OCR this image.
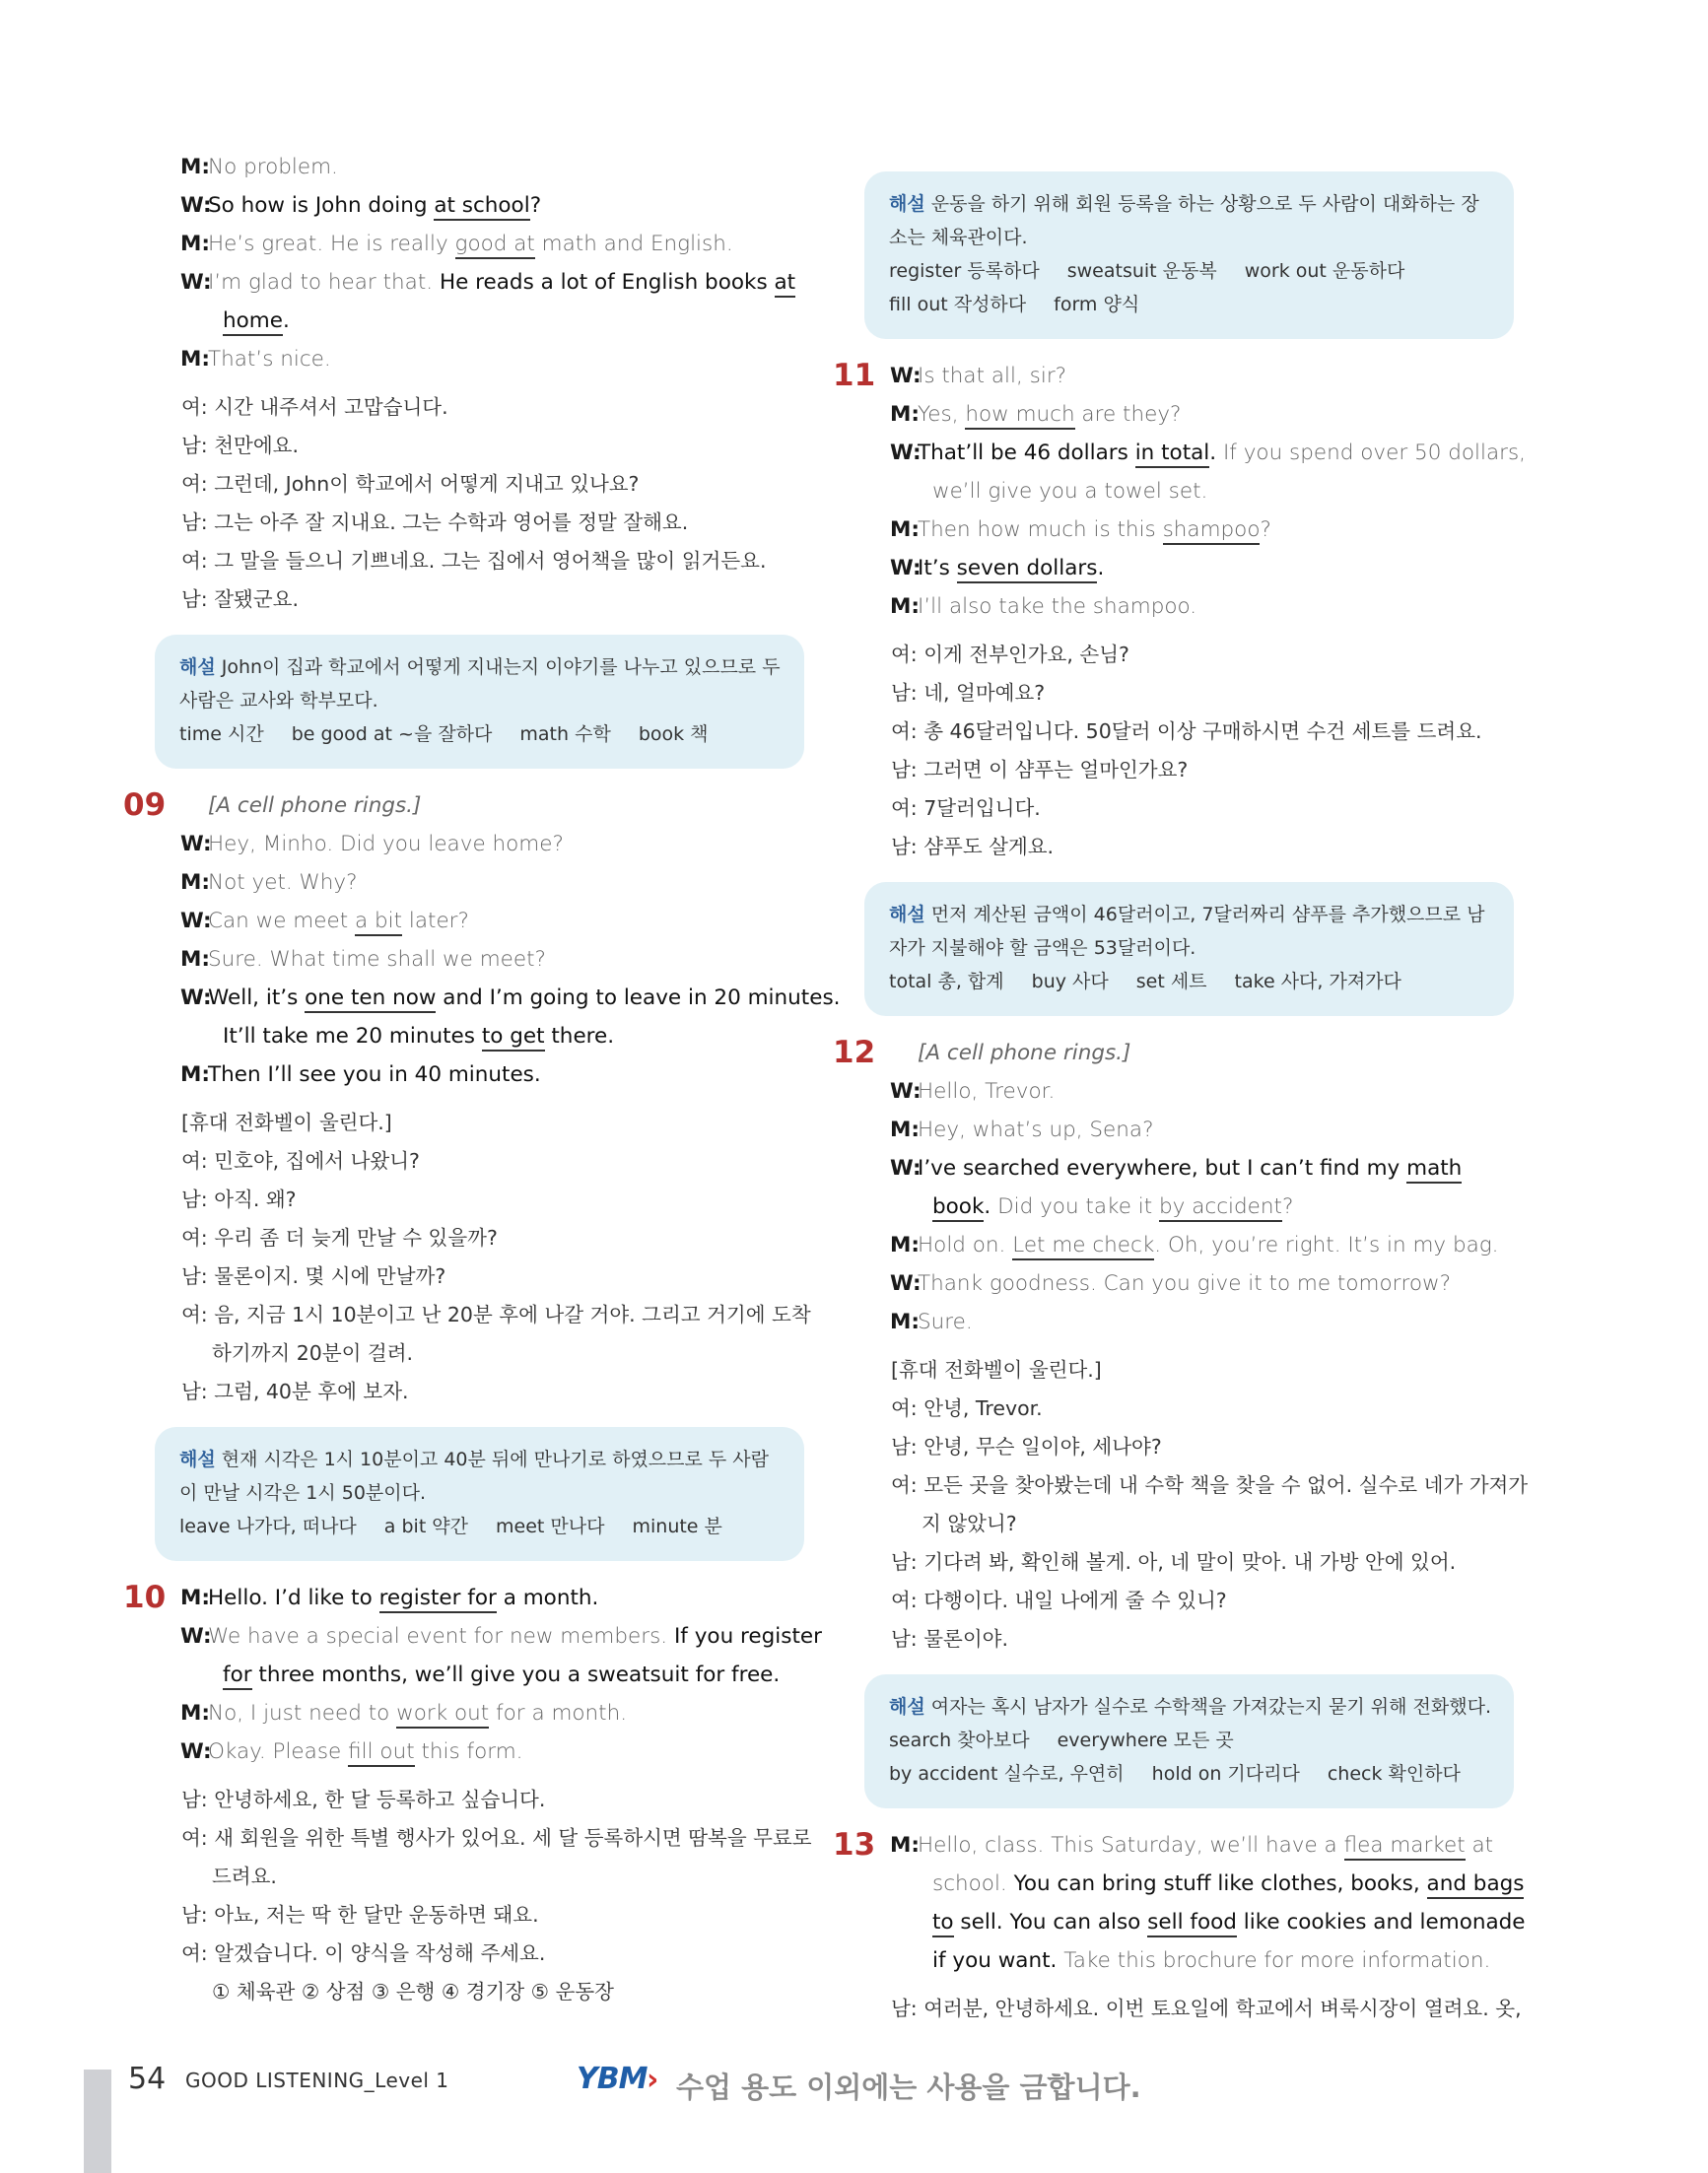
M:
No problem.
W:
So how is John doing at school?
M:
He’s great. He is really good at math and English.
W:
I’m glad to hear that. He reads a lot of English books at
home.
M:
That’s nice.
여: 시간 내주셔서 고맙습니다.
남: 천만에요.
여: 그런데, John이 학교에서 어떻게 지내고 있나요?
남: 그는 아주 잘 지내요. 그는 수학과 영어를 정말 잘해요.
여: 그 말을 들으니 기쁘네요. 그는 집에서 영어책을 많이 읽거든요.
남: 잘됐군요.
해설 John이 집과 학교에서 어떻게 지내는지 이야기를 나누고 있으므로 두 사람은 교사와 학부모다.
time 시간 be good at ~을 잘하다 math 수학 book 책
09 [A cell phone rings.]
W:
Hey, Minho. Did you leave home?
M:
Not yet. Why?
W:
Can we meet a bit later?
M:
Sure. What time shall we meet?
W:
Well, it’s one ten now and I’m going to leave in 20 minutes.
It’ll take me 20 minutes to get there.
M:
Then I’ll see you in 40 minutes.
[휴대 전화벨이 울린다.]
여: 민호야, 집에서 나왔니?
남: 아직. 왜?
여: 우리 좀 더 늦게 만날 수 있을까?
남: 물론이지. 몇 시에 만날까?
여: 음, 지금 1시 10분이고 난 20분 후에 나갈 거야. 그리고 거기에 도착
하기까지 20분이 걸려.
남: 그럼, 40분 후에 보자.
해설 현재 시각은 1시 10분이고 40분 뒤에 만나기로 하였으므로 두 사람이 만날 시각은 1시 50분이다.
leave 나가다, 떠나다 a bit 약간 meet 만나다 minute 분
10 M:
Hello. I’d like to register for a month.
W:
We have a special event for new members. If you register
for three months, we’ll give you a sweatsuit for free.
M:
No, I just need to work out for a month.
W:
Okay. Please fill out this form.
남: 안녕하세요, 한 달 등록하고 싶습니다.
여: 새 회원을 위한 특별 행사가 있어요. 세 달 등록하시면 땀복을 무료로
드려요.
남: 아뇨, 저는 딱 한 달만 운동하면 돼요.
여: 알겠습니다. 이 양식을 작성해 주세요.
① 체육관 ② 상점 ③ 은행 ④ 경기장 ⑤ 운동장
해설 운동을 하기 위해 회원 등록을 하는 상황으로 두 사람이 대화하는 장소는 체육관이다.
register 등록하다 sweatsuit 운동복 work out 운동하다fill out 작성하다 form 양식
11 W:
Is that all, sir?
M:
Yes, how much are they?
W:
That’ll be 46 dollars in total. If you spend over 50 dollars,
we’ll give you a towel set.
M:
Then how much is this shampoo?
W:
It’s seven dollars.
M:
I’ll also take the shampoo.
여: 이게 전부인가요, 손님?
남: 네, 얼마예요?
여: 총 46달러입니다. 50달러 이상 구매하시면 수건 세트를 드려요.
남: 그러면 이 샴푸는 얼마인가요?
여: 7달러입니다.
남: 샴푸도 살게요.
해설 먼저 계산된 금액이 46달러이고, 7달러짜리 샴푸를 추가했으므로 남자가 지불해야 할 금액은 53달러이다.
total 총, 합계 buy 사다 set 세트 take 사다, 가져가다
12 [A cell phone rings.]
W:
Hello, Trevor.
M:
Hey, what’s up, Sena?
W:
I’ve searched everywhere, but I can’t find my math
book. Did you take it by accident?
M:
Hold on. Let me check. Oh, you’re right. It’s in my bag.
W:
Thank goodness. Can you give it to me tomorrow?
M:
Sure.
[휴대 전화벨이 울린다.]
여: 안녕, Trevor.
남: 안녕, 무슨 일이야, 세나야?
여: 모든 곳을 찾아봤는데 내 수학 책을 찾을 수 없어. 실수로 네가 가져가
지 않았니?
남: 기다려 봐, 확인해 볼게. 아, 네 말이 맞아. 내 가방 안에 있어.
여: 다행이다. 내일 나에게 줄 수 있니?
남: 물론이야.
해설 여자는 혹시 남자가 실수로 수학책을 가져갔는지 묻기 위해 전화했다.
search 찾아보다 everywhere 모든 곳by accident 실수로, 우연히 hold on 기다리다 check 확인하다
13 M:
Hello, class. This Saturday, we’ll have a flea market at
school. You can bring stuff like clothes, books, and bags
to sell. You can also sell food like cookies and lemonade
if you want. Take this brochure for more information.
남: 여러분, 안녕하세요. 이번 토요일에 학교에서 벼룩시장이 열려요. 옷,
54 GOOD LISTENING_Level 1	YBM › 수업 용도 이외에는 사용을 금합니다.
